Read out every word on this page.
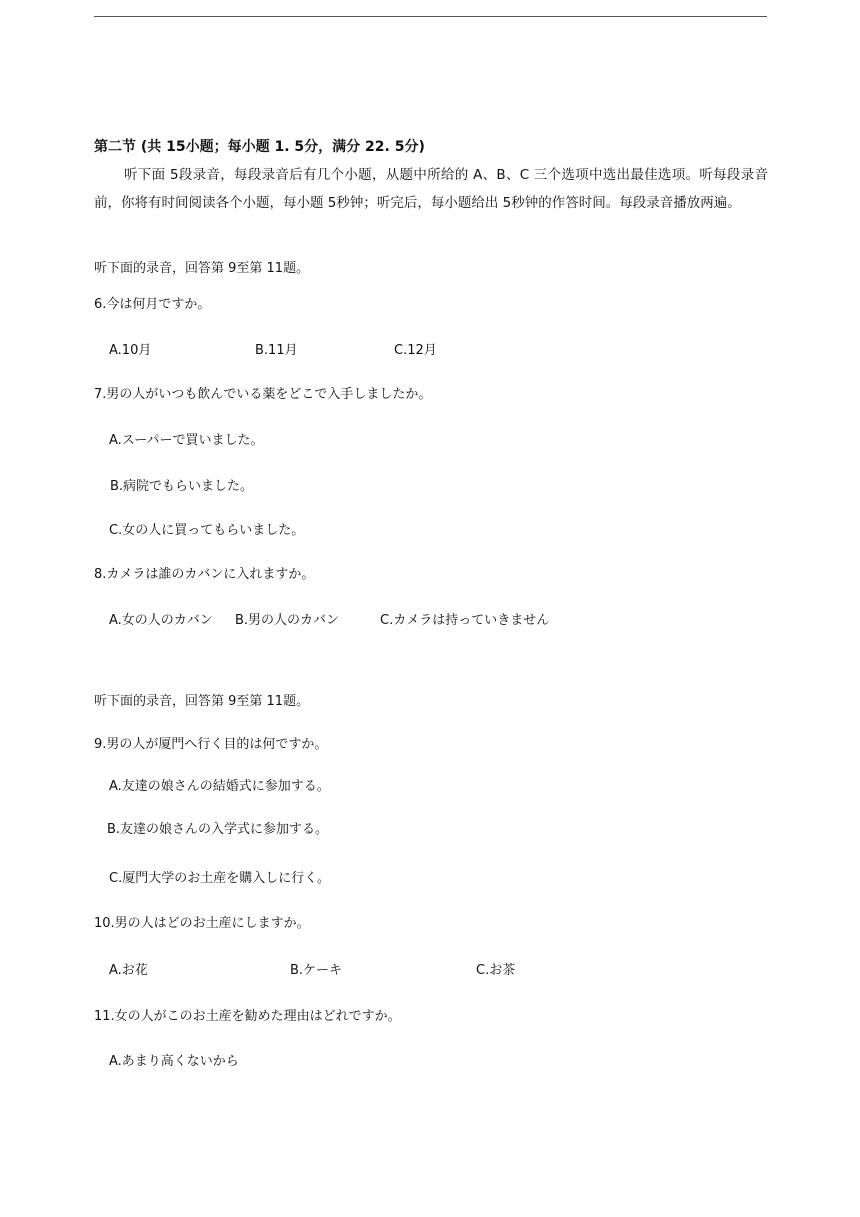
第二节 (共 15小题；每小题 1. 5分，满分 22. 5分)
听下面 5段录音，每段录音后有几个小题，从题中所给的 A、B、C 三个选项中选出最佳选项。听每段录音前，你将有时间阅读各个小题，每小题 5秒钟；听完后，每小题给出 5秒钟的作答时间。每段录音播放两遍。
听下面的录音，回答第 9至第 11题。
6.今は何月ですか。
A.10月	B.11月	C.12月
7.男の人がいつも飲んでいる薬をどこで入手しましたか。
A.スーパーで買いました。
B.病院でもらいました。
C.女の人に買ってもらいました。
8.カメラは誰のカバンに入れますか。
A.女の人のカバン B.男の人のカバン	C.カメラは持っていきません
听下面的录音，回答第 9至第 11题。
9.男の人が厦門へ行く目的は何ですか。
A.友達の娘さんの結婚式に参加する。
B.友達の娘さんの入学式に参加する。
C.厦門大学のお土産を購入しに行く。
10.男の人はどのお土産にしますか。
A.お花	B.ケーキ	C.お茶
11.女の人がこのお土産を勧めた理由はどれですか。
A.あまり高くないから
